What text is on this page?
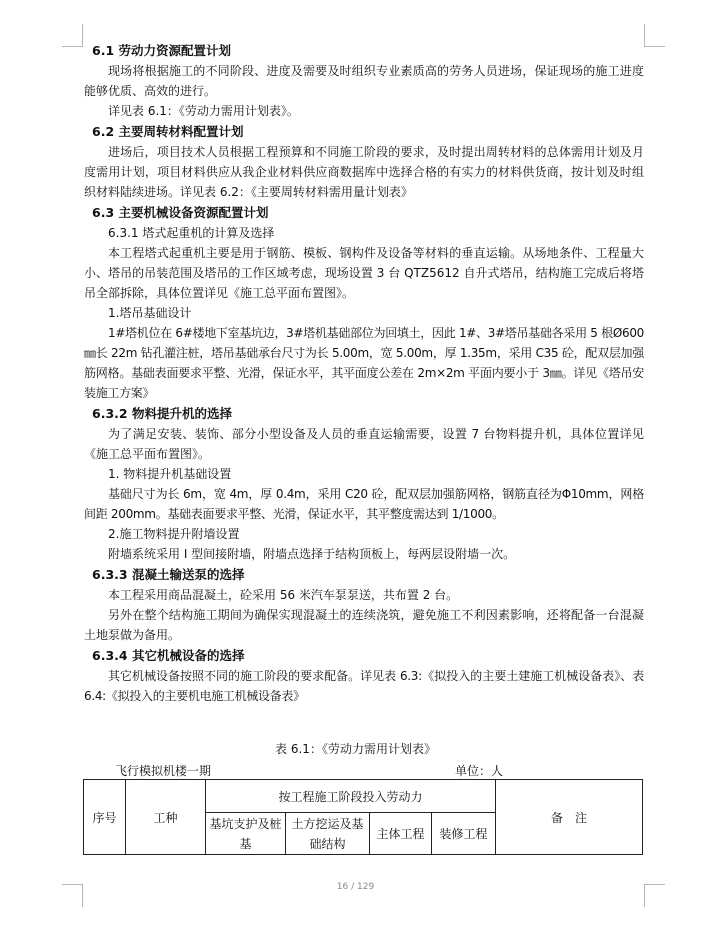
6.1 劳动力资源配置计划

现场将根据施工的不同阶段、进度及需要及时组织专业素质高的劳务人员进场，保证现场的施工进度能够优质、高效的进行。

详见表 6.1：《劳动力需用计划表》。

6.2 主要周转材料配置计划

进场后，项目技术人员根据工程预算和不同施工阶段的要求，及时提出周转材料的总体需用计划及月度需用计划，项目材料供应从我企业材料供应商数据库中选择合格的有实力的材料供货商，按计划及时组织材料陆续进场。详见表 6.2：《主要周转材料需用量计划表》

6.3 主要机械设备资源配置计划

6.3.1 塔式起重机的计算及选择

本工程塔式起重机主要是用于钢筋、模板、钢构件及设备等材料的垂直运输。从场地条件、工程量大小、塔吊的吊装范围及塔吊的工作区域考虑，现场设置 3 台 QTZ5612 自升式塔吊，结构施工完成后将塔吊全部拆除，具体位置详见《施工总平面布置图》。

1.塔吊基础设计

1#塔机位在 6#楼地下室基坑边，3#塔机基础部位为回填土，因此 1#、3#塔吊基础各采用 5 根Ø600 ㎜长 22m 钻孔灌注桩，塔吊基础承台尺寸为长 5.00m，宽 5.00m，厚 1.35m，采用 C35 砼，配双层加强筋网格。基础表面要求平整、光滑，保证水平，其平面度公差在 2m×2m 平面内要小于 3㎜。详见《塔吊安装施工方案》

6.3.2 物料提升机的选择

为了满足安装、装饰、部分小型设备及人员的垂直运输需要，设置 7 台物料提升机，具体位置详见《施工总平面布置图》。

1. 物料提升机基础设置

基础尺寸为长 6m，宽 4m，厚 0.4m，采用 C20 砼，配双层加强筋网格，钢筋直径为Φ10mm，网格间距 200mm。基础表面要求平整、光滑，保证水平，其平整度需达到 1/1000。

2.施工物料提升附墙设置

附墙系统采用 I 型间接附墙，附墙点选择于结构顶板上，每两层设附墙一次。

6.3.3 混凝土输送泵的选择

本工程采用商品混凝土，砼采用 56 米汽车泵泵送，共布置 2 台。

另外在整个结构施工期间为确保实现混凝土的连续浇筑，避免施工不利因素影响，还将配备一台混凝土地泵做为备用。

6.3.4 其它机械设备的选择

其它机械设备按照不同的施工阶段的要求配备。详见表 6.3:《拟投入的主要土建施工机械设备表》、表 6.4:《拟投入的主要机电施工机械设备表》

表 6.1：《劳动力需用计划表》
飞行模拟机楼一期	单位：人
序号	工种	按工程施工阶段投入劳动力				备　注
		基坑支护及桩基	土方挖运及基础结构	主体工程	装修工程	
16 / 129
